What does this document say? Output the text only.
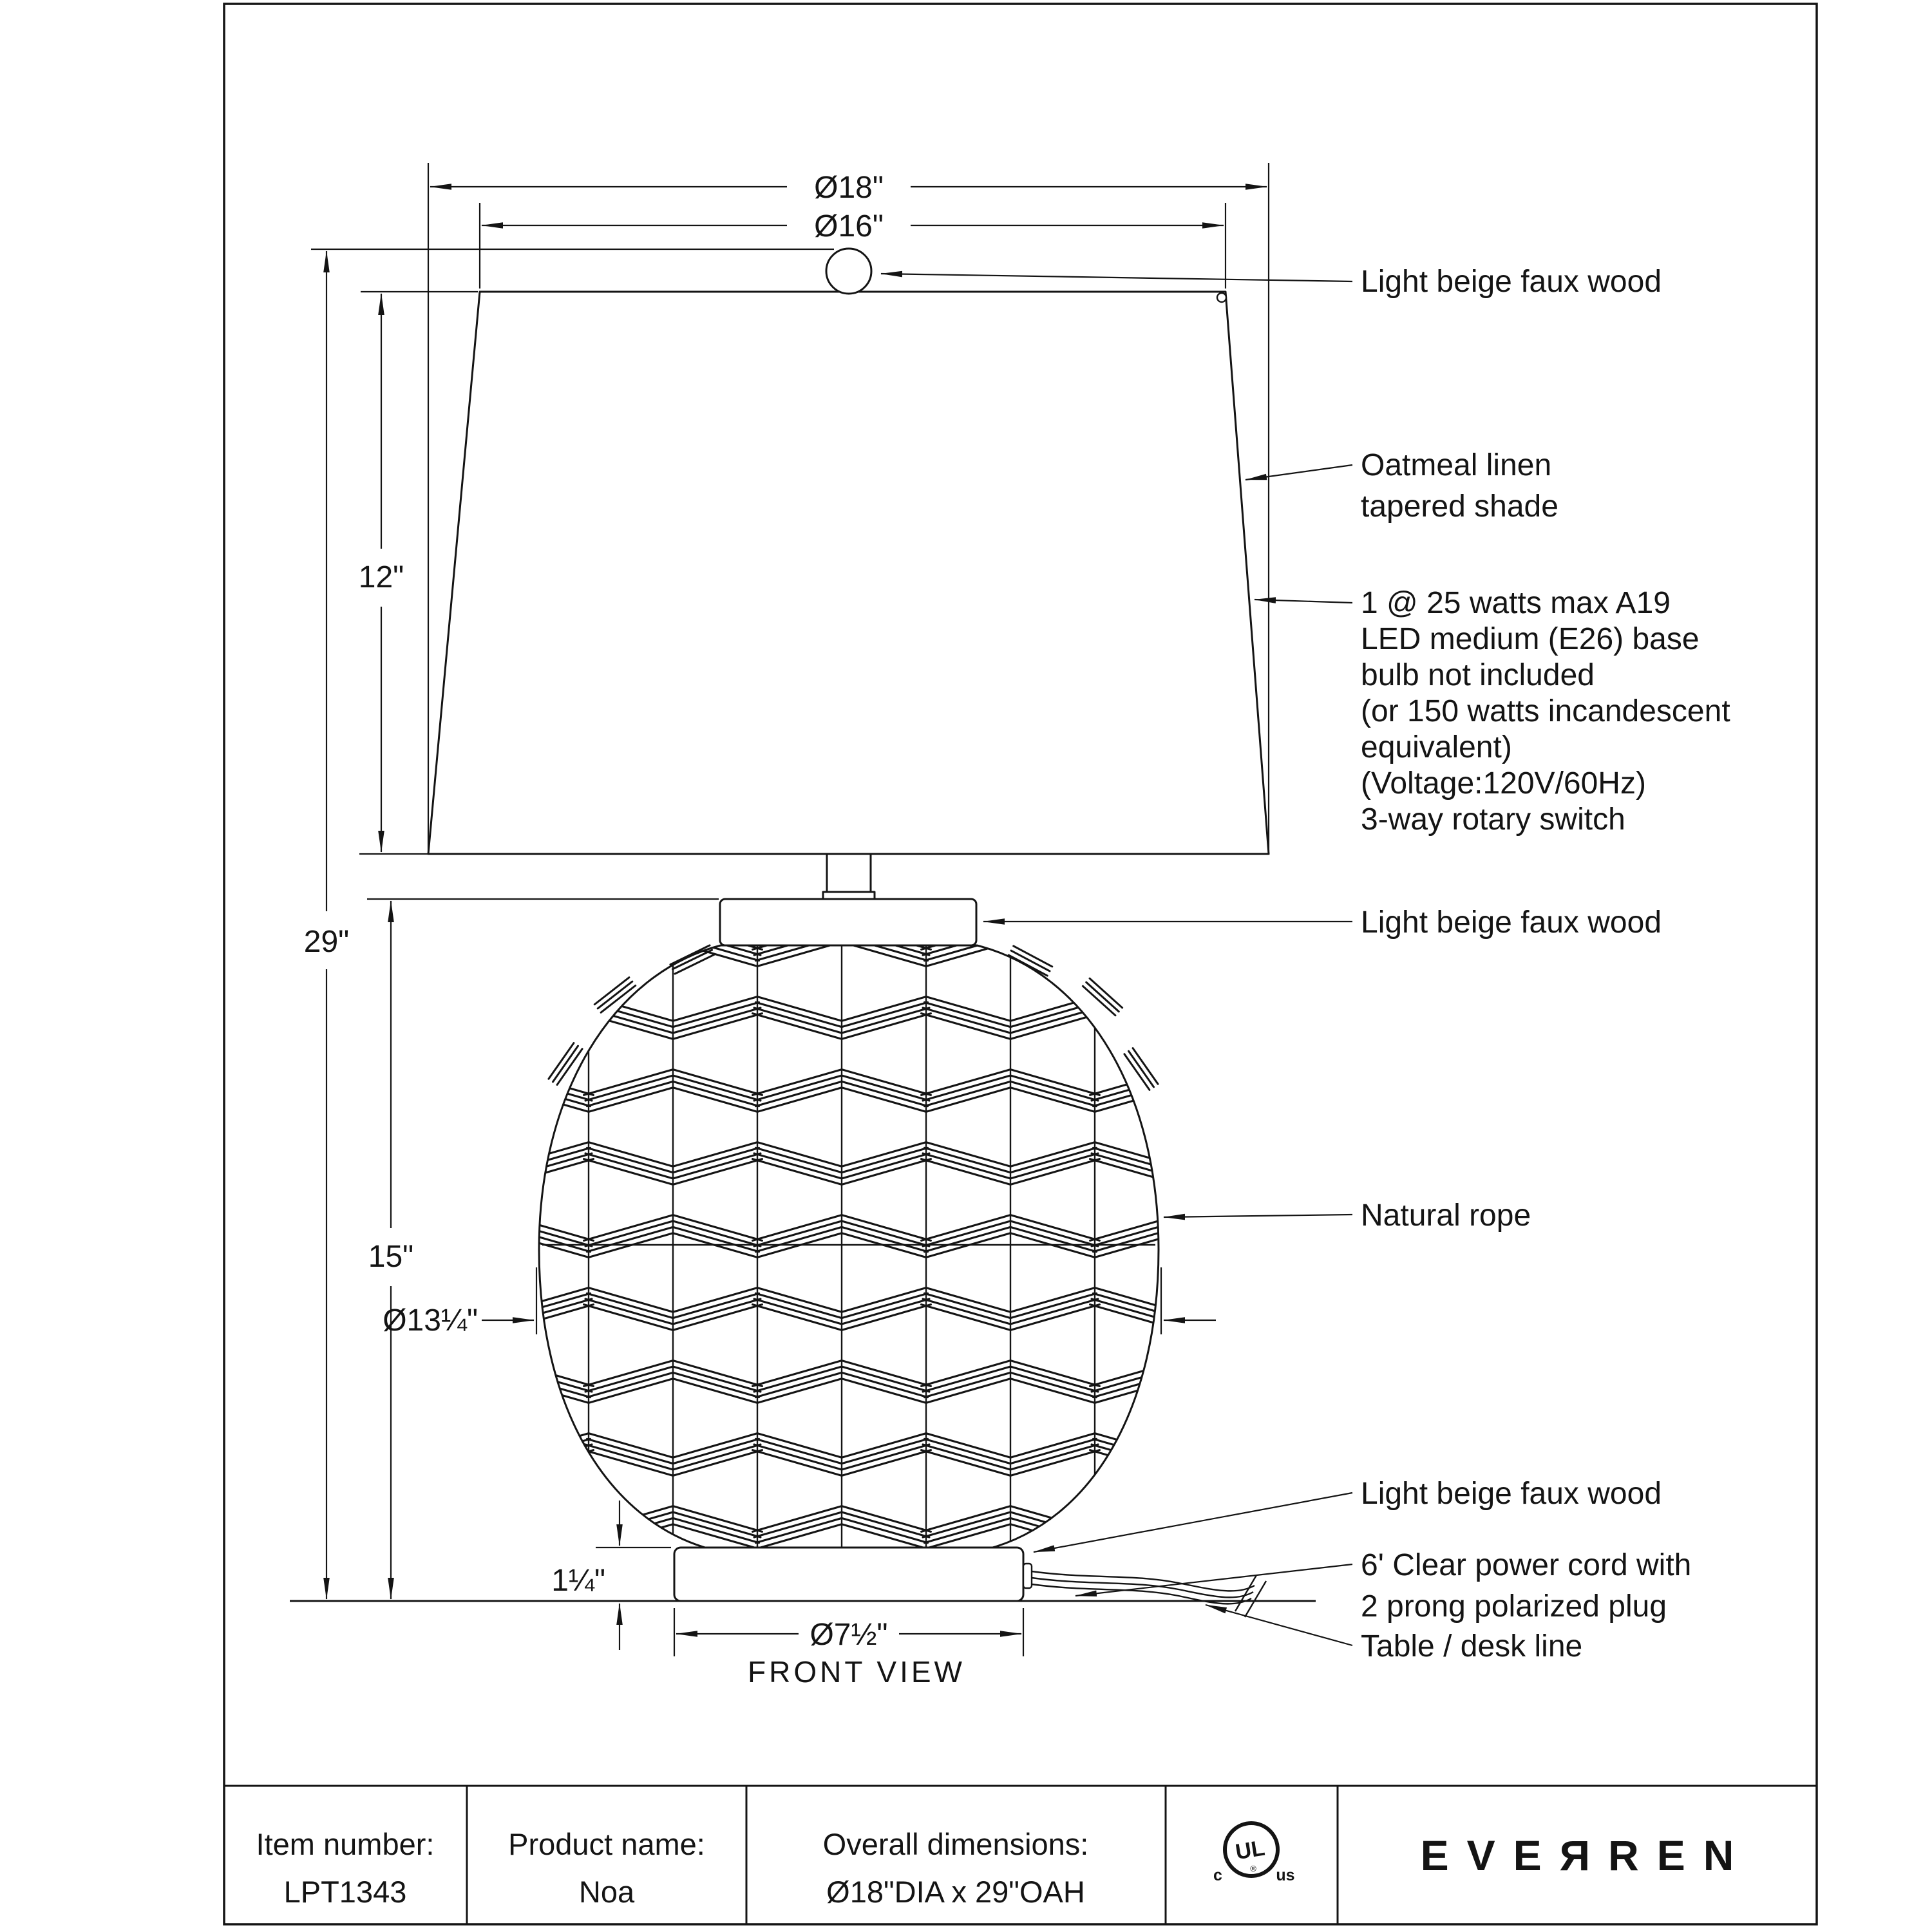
Ø18"
Ø16"
29"
12"
15"
Ø13¼"
1¼"
Ø7½"
FRONT VIEW
Light beige faux wood
Oatmeal linen
tapered shade
1 @ 25 watts max A19
LED medium (E26) base
bulb not included
(or 150 watts incandescent
equivalent)
(Voltage:120V/60Hz)
3-way rotary switch
Light beige faux wood
Natural rope
Light beige faux wood
6' Clear power cord with
2 prong polarized plug
Table / desk line
Item number:
LPT1343
Product name:
Noa
Overall dimensions:
Ø18"DIA x 29"OAH
UL
®
c	us	EVEЯREN
